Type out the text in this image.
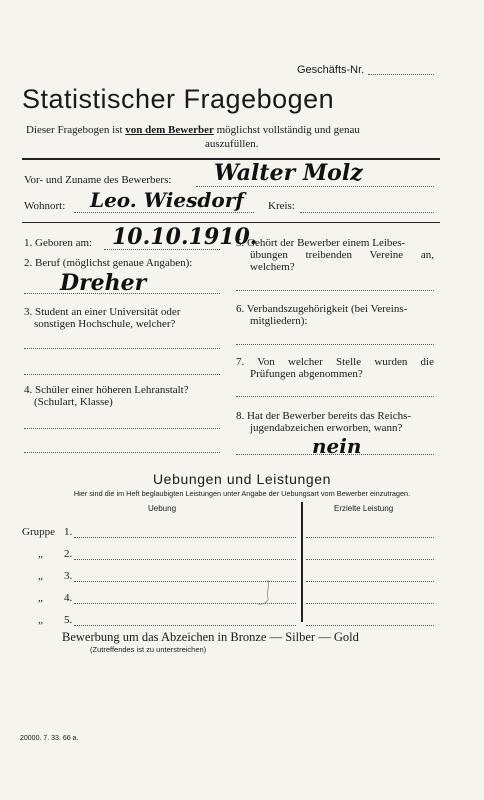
Geschäfts-Nr.
Statistischer Fragebogen
Dieser Fragebogen ist von dem Bewerber möglichst vollständig und genau
auszufüllen.
Vor- und Zuname des Bewerbers: Walter Molz
Wohnort: Leo. Wiesdorf Kreis:
1. Geboren am: 10.10.1910.
2. Beruf (möglichst genaue Angaben):
Dreher
3. Student an einer Universität oder
sonstigen Hochschule, welcher?
4. Schüler einer höheren Lehranstalt?
(Schulart, Klasse)
5. Gehört der Bewerber einem Leibes-
übungen treibenden Vereine an,
welchem?
6. Verbandszugehörigkeit (bei Vereins-
mitgliedern):
7. Von welcher Stelle wurden die
Prüfungen abgenommen?
8. Hat der Bewerber bereits das Reichs-
jugendabzeichen erworben, wann?
nein
Uebungen und Leistungen
Hier sind die im Heft beglaubigten Leistungen unter Angabe der Uebungsart vom Bewerber einzutragen.
Uebung	Erzielte Leistung
Gruppe
„
„
„
„
1.
2.
3.
4.
5.
Bewerbung um das Abzeichen in Bronze — Silber — Gold
(Zutreffendes ist zu unterstreichen)
20000. 7. 33. 66 a.
